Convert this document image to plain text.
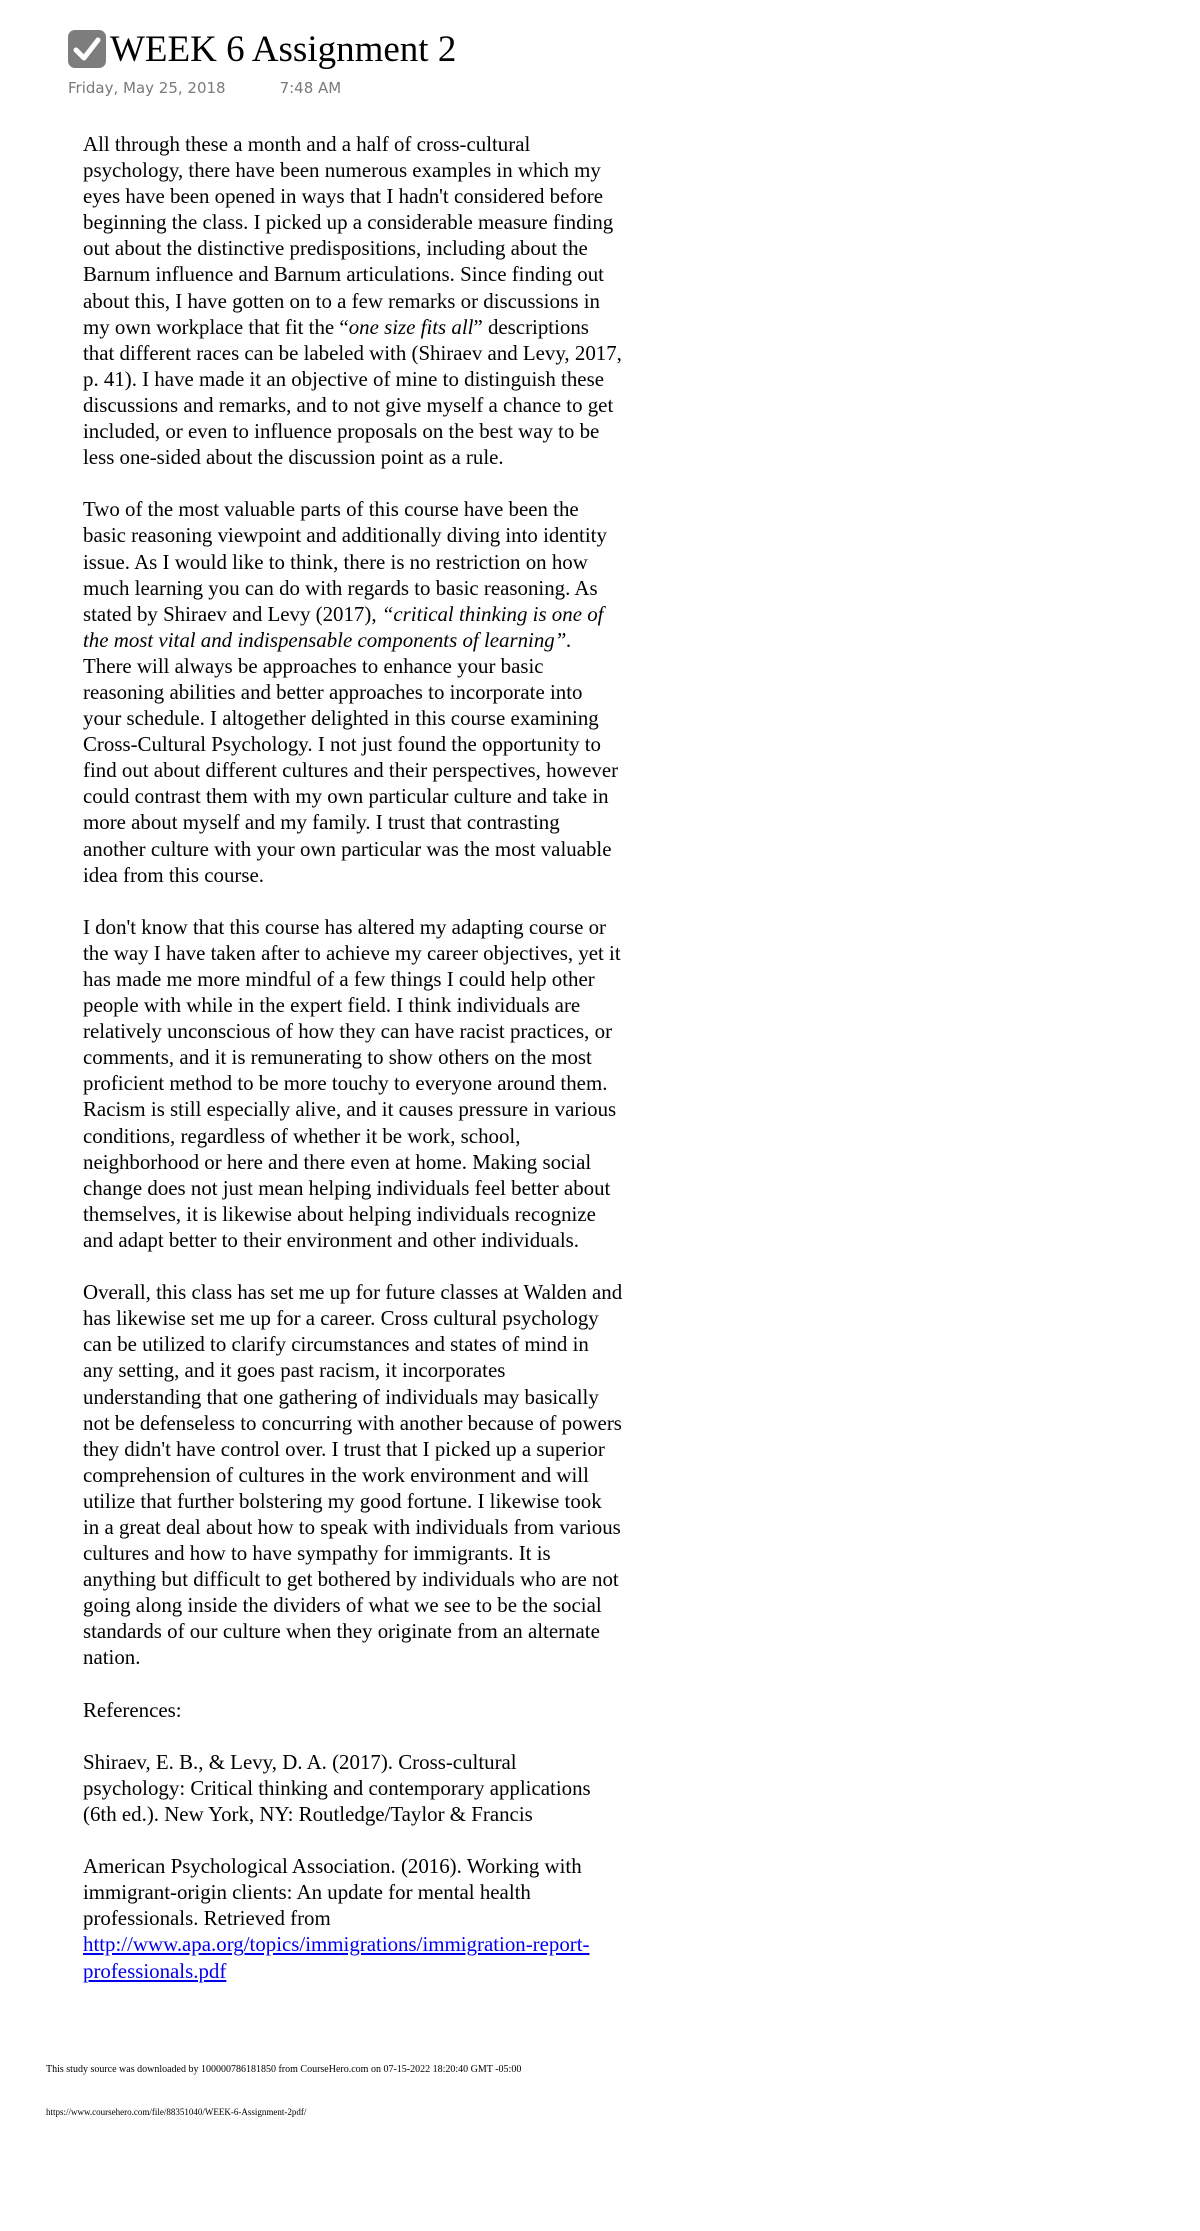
WEEK 6 Assignment 2
Friday, May 25, 2018	7:48 AM

All through these a month and a half of cross-cultural psychology, there have been numerous examples in which my eyes have been opened in ways that I hadn't considered before beginning the class. I picked up a considerable measure finding out about the distinctive predispositions, including about the Barnum influence and Barnum articulations. Since finding out about this, I have gotten on to a few remarks or discussions in my own workplace that fit the “one size fits all” descriptions that different races can be labeled with (Shiraev and Levy, 2017, p. 41). I have made it an objective of mine to distinguish these discussions and remarks, and to not give myself a chance to get included, or even to influence proposals on the best way to be less one-sided about the discussion point as a rule.

Two of the most valuable parts of this course have been the basic reasoning viewpoint and additionally diving into identity issue. As I would like to think, there is no restriction on how much learning you can do with regards to basic reasoning. As stated by Shiraev and Levy (2017), “critical thinking is one of the most vital and indispensable components of learning”. There will always be approaches to enhance your basic reasoning abilities and better approaches to incorporate into your schedule. I altogether delighted in this course examining Cross-Cultural Psychology. I not just found the opportunity to find out about different cultures and their perspectives, however could contrast them with my own particular culture and take in more about myself and my family. I trust that contrasting another culture with your own particular was the most valuable idea from this course.

I don't know that this course has altered my adapting course or the way I have taken after to achieve my career objectives, yet it has made me more mindful of a few things I could help other people with while in the expert field. I think individuals are relatively unconscious of how they can have racist practices, or comments, and it is remunerating to show others on the most proficient method to be more touchy to everyone around them. Racism is still especially alive, and it causes pressure in various conditions, regardless of whether it be work, school, neighborhood or here and there even at home. Making social change does not just mean helping individuals feel better about themselves, it is likewise about helping individuals recognize and adapt better to their environment and other individuals.

Overall, this class has set me up for future classes at Walden and has likewise set me up for a career. Cross cultural psychology can be utilized to clarify circumstances and states of mind in any setting, and it goes past racism, it incorporates understanding that one gathering of individuals may basically not be defenseless to concurring with another because of powers they didn't have control over. I trust that I picked up a superior comprehension of cultures in the work environment and will utilize that further bolstering my good fortune. I likewise took in a great deal about how to speak with individuals from various cultures and how to have sympathy for immigrants. It is anything but difficult to get bothered by individuals who are not going along inside the dividers of what we see to be the social standards of our culture when they originate from an alternate nation.

References:

Shiraev, E. B., & Levy, D. A. (2017). Cross-cultural psychology: Critical thinking and contemporary applications (6th ed.). New York, NY: Routledge/Taylor & Francis

American Psychological Association. (2016). Working with immigrant-origin clients: An update for mental health professionals. Retrieved from http://www.apa.org/topics/immigrations/immigration-report-professionals.pdf

This study source was downloaded by 100000786181850 from CourseHero.com on 07-15-2022 18:20:40 GMT -05:00
https://www.coursehero.com/file/88351040/WEEK-6-Assignment-2pdf/
